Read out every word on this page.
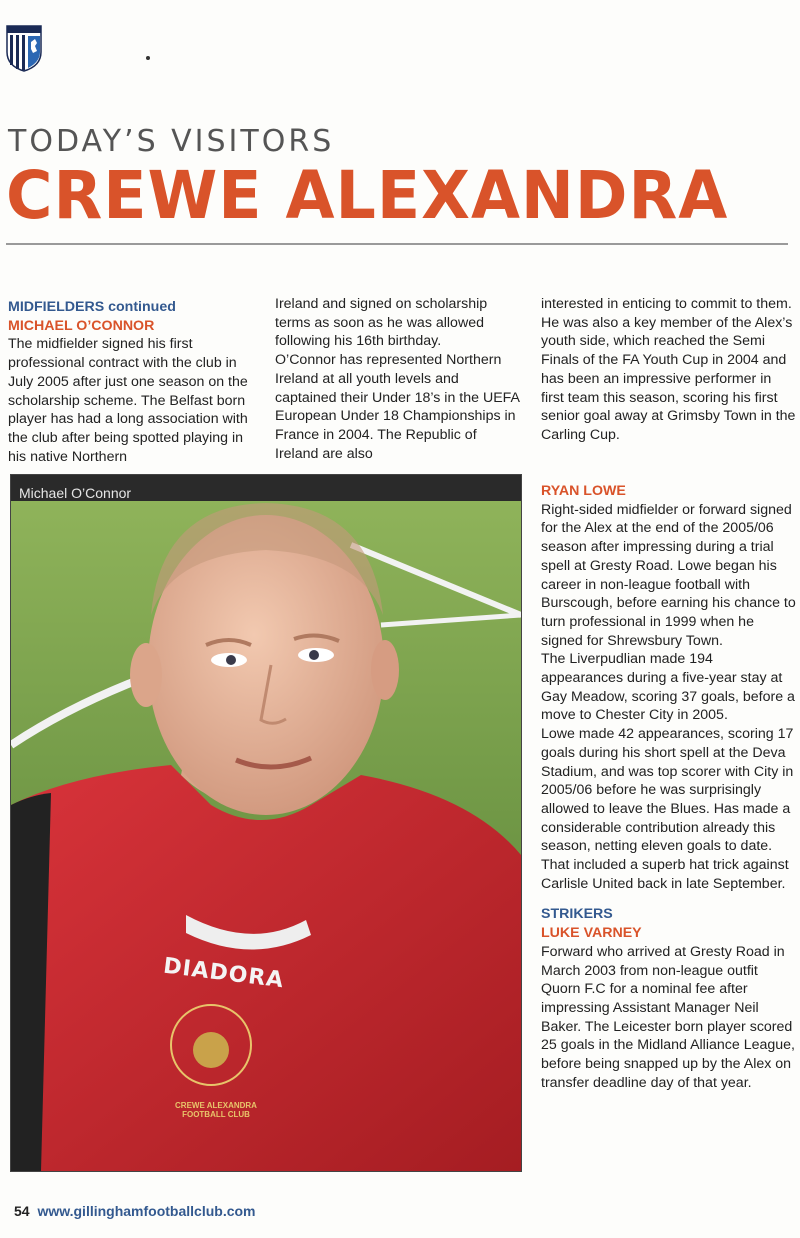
TODAY’S VISITORS
CREWE ALEXANDRA

MIDFIELDERS continued

MICHAEL O’CONNOR

The midfielder signed his first professional contract with the club in July 2005 after just one season on the scholarship scheme. The Belfast born player has had a long association with the club after being spotted playing in his native Northern

Ireland and signed on scholarship terms as soon as he was allowed following his 16th birthday.

O’Connor has represented Northern Ireland at all youth levels and captained their Under 18’s in the UEFA European Under 18 Championships in France in 2004. The Republic of Ireland are also

interested in enticing to commit to them.

He was also a key member of the Alex’s youth side, which reached the Semi Finals of the FA Youth Cup in 2004 and has been an impressive performer in first team this season, scoring his first senior goal away at Grimsby Town in the Carling Cup.

RYAN LOWE

Right-sided midfielder or forward signed for the Alex at the end of the 2005/06 season after impressing during a trial spell at Gresty Road. Lowe began his career in non-league football with Burscough, before earning his chance to turn professional in 1999 when he signed for Shrewsbury Town.

The Liverpudlian made 194 appearances during a five-year stay at Gay Meadow, scoring 37 goals, before a move to Chester City in 2005.

Lowe made 42 appearances, scoring 17 goals during his short spell at the Deva Stadium, and was top scorer with City in 2005/06 before he was surprisingly allowed to leave the Blues. Has made a considerable contribution already this season, netting eleven goals to date. That included a superb hat trick against Carlisle United back in late September.

STRIKERS

LUKE VARNEY

Forward who arrived at Gresty Road in March 2003 from non-league outfit Quorn F.C for a nominal fee after impressing Assistant Manager Neil Baker. The Leicester born player scored 25 goals in the Midland Alliance League, before being snapped up by the Alex on transfer deadline day of that year.

Michael O’Connor
DIADORA
CREWE ALEXANDRA FOOTBALL CLUB
54 www.gillinghamfootballclub.com
